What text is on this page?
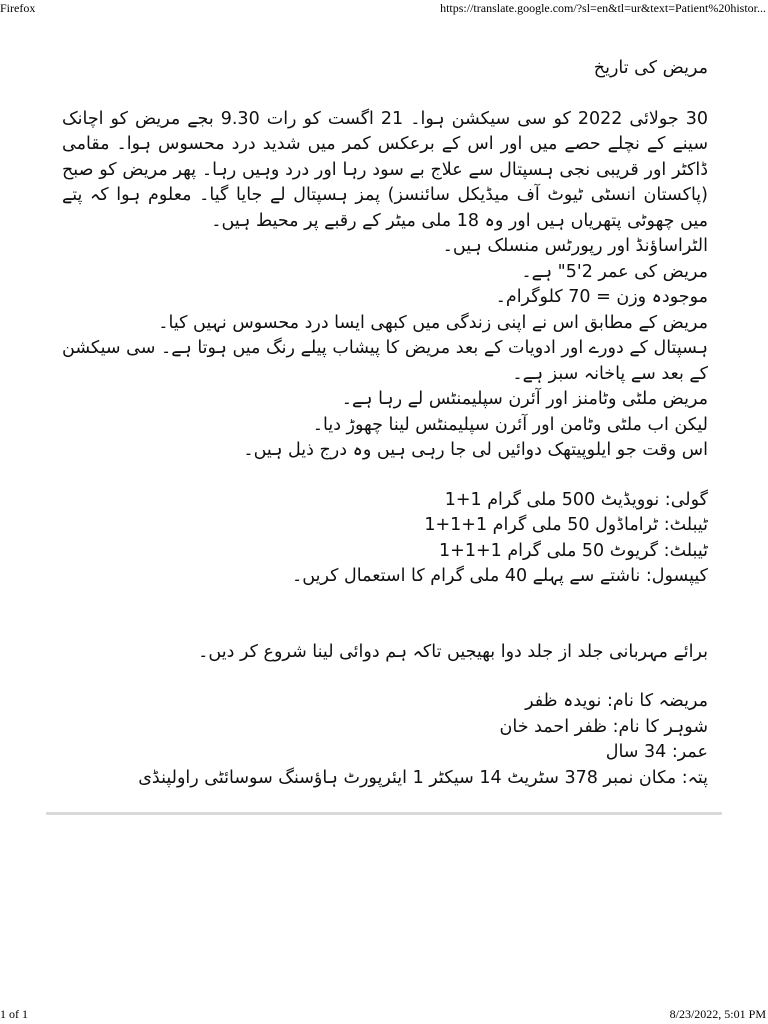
Firefox	https://translate.google.com/?sl=en&tl=ur&text=Patient%20histor...

مریض کی تاریخ

30 جولائی 2022 کو سی سیکشن ہوا۔ 21 اگست کو رات 9.30 بجے مریض کو اچانک سینے کے نچلے حصے میں اور اس کے برعکس کمر میں شدید درد محسوس ہوا۔ مقامی ڈاکٹر اور قریبی نجی ہسپتال سے علاج بے سود رہا اور درد وہیں رہا۔ پھر مریض کو صبح (پاکستان انسٹی ٹیوٹ آف میڈیکل سائنسز) پمز ہسپتال لے جایا گیا۔ معلوم ہوا کہ پتے میں چھوٹی پتھریاں ہیں اور وہ 18 ملی میٹر کے رقبے پر محیط ہیں۔

الٹراساؤنڈ اور رپورٹس منسلک ہیں۔

مریض کی عمر 2'5" ہے۔

موجودہ وزن = 70 کلوگرام۔

مریض کے مطابق اس نے اپنی زندگی میں کبھی ایسا درد محسوس نہیں کیا۔

ہسپتال کے دورے اور ادویات کے بعد مریض کا پیشاب پیلے رنگ میں ہوتا ہے۔ سی سیکشن کے بعد سے پاخانہ سبز ہے۔

مریض ملٹی وٹامنز اور آئرن سپلیمنٹس لے رہا ہے۔

لیکن اب ملٹی وٹامن اور آئرن سپلیمنٹس لینا چھوڑ دیا۔

اس وقت جو ایلوپیتھک دوائیں لی جا رہی ہیں وہ درج ذیل ہیں۔

گولی: نوویڈیٹ 500 ملی گرام 1+1

ٹیبلٹ: ٹراماڈول 50 ملی گرام 1+1+1

ٹیبلٹ: گریوٹ 50 ملی گرام 1+1+1

کیپسول: ناشتے سے پہلے 40 ملی گرام کا استعمال کریں۔

برائے مہربانی جلد از جلد دوا بھیجیں تاکہ ہم دوائی لینا شروع کر دیں۔

مریضہ کا نام: نویدہ ظفر

شوہر کا نام: ظفر احمد خان

عمر: 34 سال

پتہ: مکان نمبر 378 سٹریٹ 14 سیکٹر 1 ایئرپورٹ ہاؤسنگ سوسائٹی راولپنڈی

1 of 1	8/23/2022, 5:01 PM
